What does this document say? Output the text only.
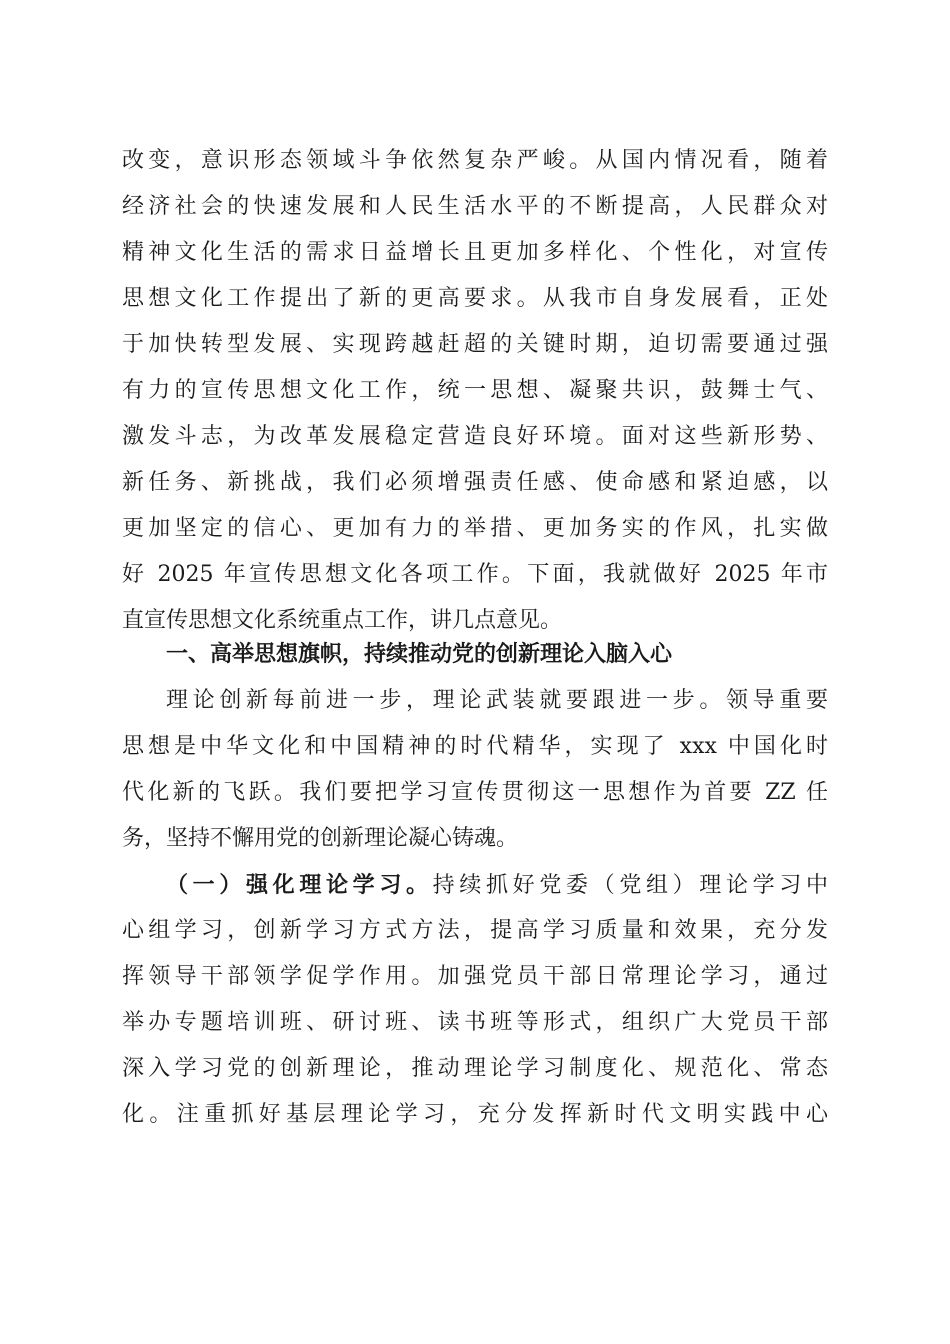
改变，意识形态领域斗争依然复杂严峻。从国内情况看，随着
经济社会的快速发展和人民生活水平的不断提高，人民群众对
精神文化生活的需求日益增长且更加多样化、个性化，对宣传
思想文化工作提出了新的更高要求。从我市自身发展看，正处
于加快转型发展、实现跨越赶超的关键时期，迫切需要通过强
有力的宣传思想文化工作，统一思想、凝聚共识，鼓舞士气、
激发斗志，为改革发展稳定营造良好环境。面对这些新形势、
新任务、新挑战，我们必须增强责任感、使命感和紧迫感，以
更加坚定的信心、更加有力的举措、更加务实的作风，扎实做
好 2025 年宣传思想文化各项工作。下面，我就做好 2025 年市
直宣传思想文化系统重点工作，讲几点意见。
一、高举思想旗帜，持续推动党的创新理论入脑入心
理论创新每前进一步，理论武装就要跟进一步。领导重要
思想是中华文化和中国精神的时代精华，实现了 xxx 中国化时
代化新的飞跃。我们要把学习宣传贯彻这一思想作为首要 ZZ 任
务，坚持不懈用党的创新理论凝心铸魂。
（一）强化理论学习。持续抓好党委（党组）理论学习中
心组学习，创新学习方式方法，提高学习质量和效果，充分发
挥领导干部领学促学作用。加强党员干部日常理论学习，通过
举办专题培训班、研讨班、读书班等形式，组织广大党员干部
深入学习党的创新理论，推动理论学习制度化、规范化、常态
化。注重抓好基层理论学习，充分发挥新时代文明实践中心
